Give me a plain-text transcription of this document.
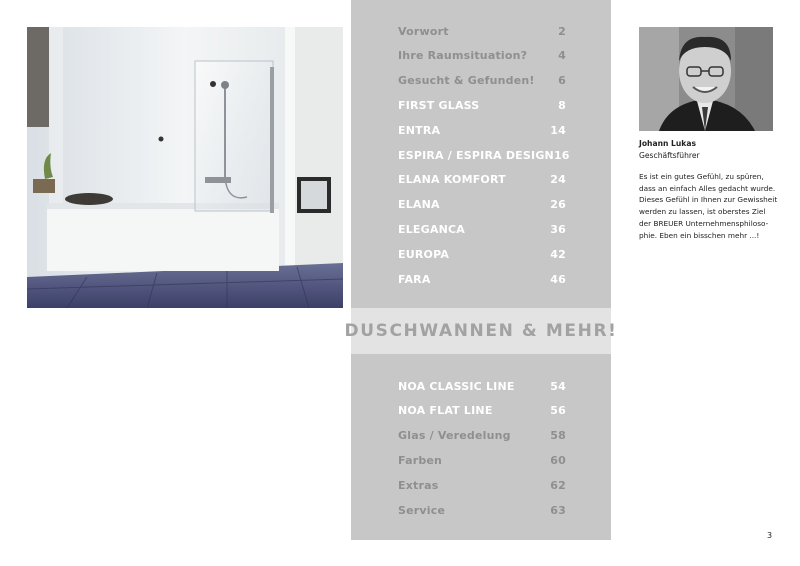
Vorwort	2
Ihre Raumsituation?	4
Gesucht & Gefunden! 6
FIRST GLASS	8
ENTRA	14
ESPIRA / ESPIRA DESIGN 16
ELANA KOMFORT	24
ELANA	26
ELEGANCA	36
EUROPA	42
FARA	46
DUSCHWANNEN & MEHR!
NOA CLASSIC LINE	54
NOA FLAT LINE	56
Glas / Veredelung	58
Farben	60
Extras	62
Service	63
Johann Lukas
Geschäftsführer
Es ist ein gutes Gefühl, zu spüren,
dass an einfach Alles gedacht wurde.
Dieses Gefühl in Ihnen zur Gewissheit
werden zu lassen, ist oberstes Ziel
der BREUER Unternehmensphiloso-
phie. Eben ein bisschen mehr ...!
3
